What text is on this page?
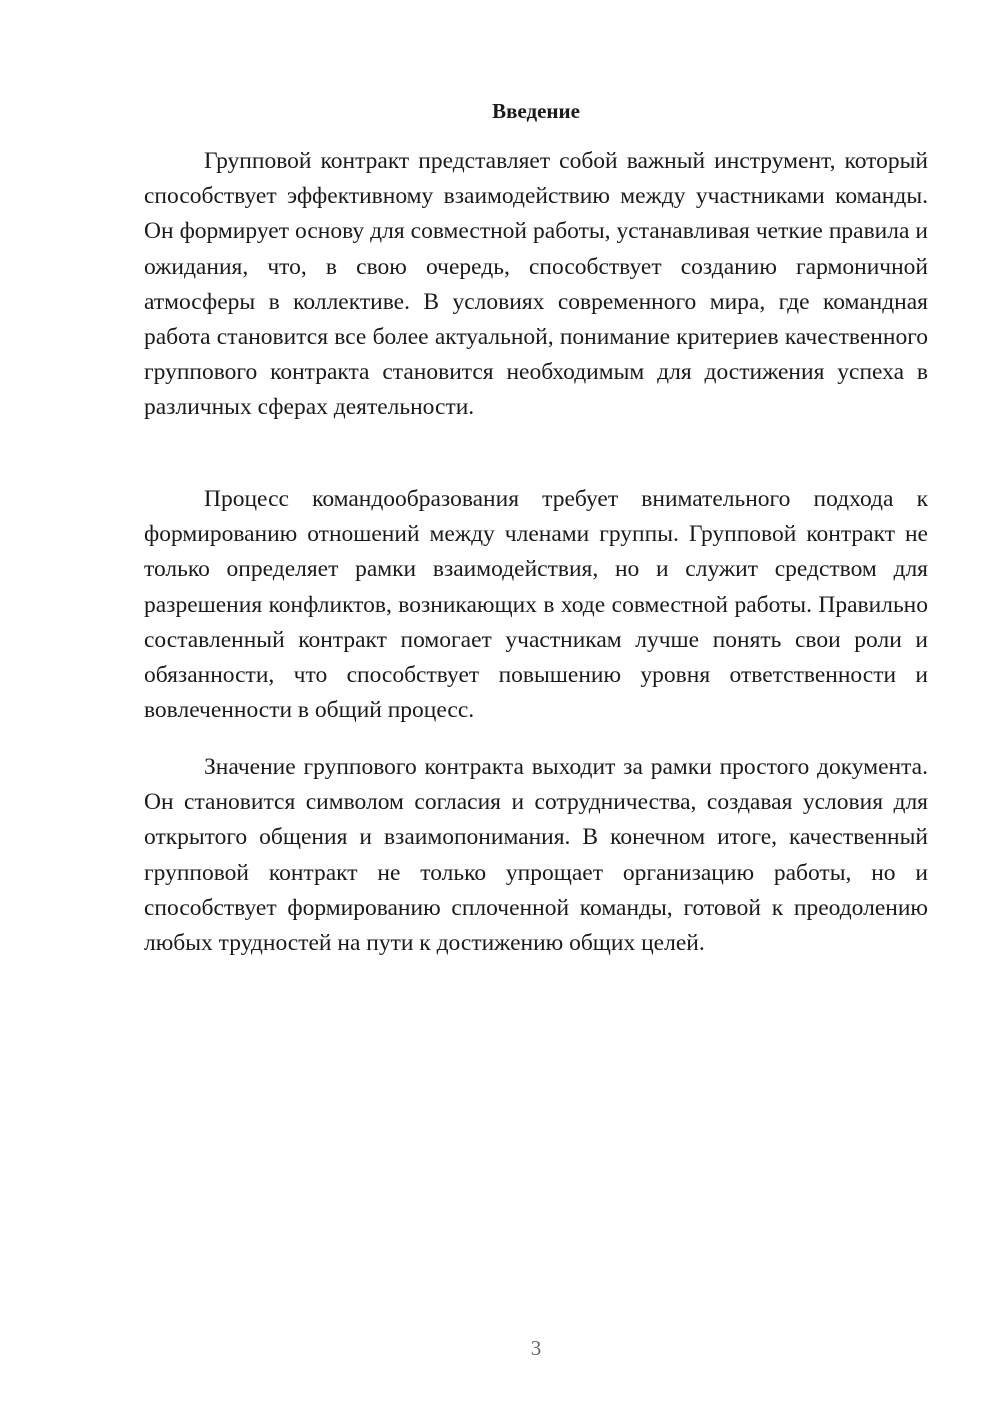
Введение

Групповой контракт представляет собой важный инструмент, который способствует эффективному взаимодействию между участниками команды. Он формирует основу для совместной работы, устанавливая четкие правила и ожидания, что, в свою очередь, способствует созданию гармоничной атмосферы в коллективе. В условиях современного мира, где командная работа становится все более актуальной, понимание критериев качественного группового контракта становится необходимым для достижения успеха в различных сферах деятельности.

Процесс командообразования требует внимательного подхода к формированию отношений между членами группы. Групповой контракт не только определяет рамки взаимодействия, но и служит средством для разрешения конфликтов, возникающих в ходе совместной работы. Правильно составленный контракт помогает участникам лучше понять свои роли и обязанности, что способствует повышению уровня ответственности и вовлеченности в общий процесс.

Значение группового контракта выходит за рамки простого документа. Он становится символом согласия и сотрудничества, создавая условия для открытого общения и взаимопонимания. В конечном итоге, качественный групповой контракт не только упрощает организацию работы, но и способствует формированию сплоченной команды, готовой к преодолению любых трудностей на пути к достижению общих целей.

3
